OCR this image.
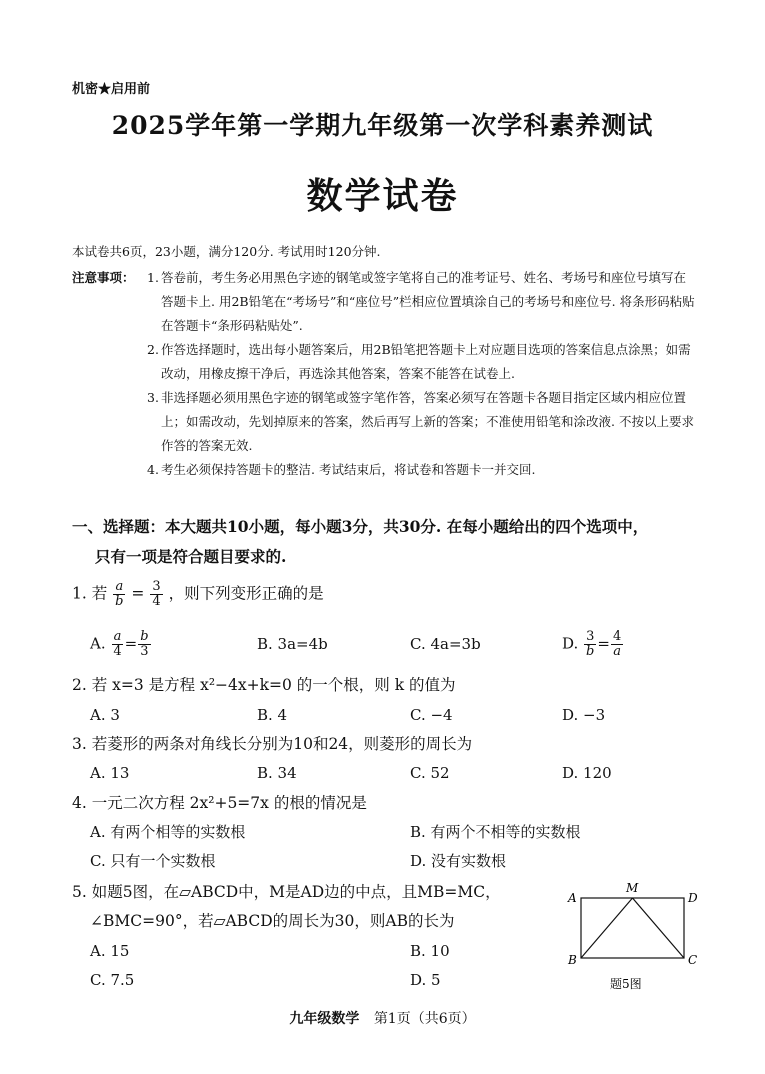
机密★启用前
2025学年第一学期九年级第一次学科素养测试
数学试卷
本试卷共6页，23小题，满分120分. 考试用时120分钟.
注意事项： 1. 答卷前，考生务必用黑色字迹的钢笔或签字笔将自己的准考证号、姓名、考场号和座位号填写在答题卡上. 用2B铅笔在“考场号”和“座位号”栏相应位置填涂自己的考场号和座位号. 将条形码粘贴在答题卡“条形码粘贴处”.
2. 作答选择题时，选出每小题答案后，用2B铅笔把答题卡上对应题目选项的答案信息点涂黑；如需改动，用橡皮擦干净后，再选涂其他答案，答案不能答在试卷上.
3. 非选择题必须用黑色字迹的钢笔或签字笔作答，答案必须写在答题卡各题目指定区域内相应位置上；如需改动，先划掉原来的答案，然后再写上新的答案；不准使用铅笔和涂改液. 不按以上要求作答的答案无效.
4. 考生必须保持答题卡的整洁. 考试结束后，将试卷和答题卡一并交回.
一、选择题：本大题共10小题，每小题3分，共30分. 在每小题给出的四个选项中，
只有一项是符合题目要求的.
1. 若 $\frac{a}{b} = \frac{3}{4}$ ，则下列变形正确的是
A. $\frac{a}{4} = \frac{b}{3}$	B. 3a=4b	C. 4a=3b	D. $\frac{3}{b} = \frac{4}{a}$
2. 若 x=3 是方程 x²−4x+k=0 的一个根，则 k 的值为
A. 3	B. 4	C. −4	D. −3
3. 若菱形的两条对角线长分别为10和24，则菱形的周长为
A. 13	B. 34	C. 52	D. 120
4. 一元二次方程 2x²+5=7x 的根的情况是
A. 有两个相等的实数根	B. 有两个不相等的实数根
C. 只有一个实数根	D. 没有实数根
5. 如题5图，在▱ABCD中，M是AD边的中点，且MB=MC，
∠BMC=90°，若▱ABCD的周长为30，则AB的长为
A. 15	B. 10
C. 7.5	D. 5
A
M
D
B	C
题5图
九年级数学 第1页（共6页）
